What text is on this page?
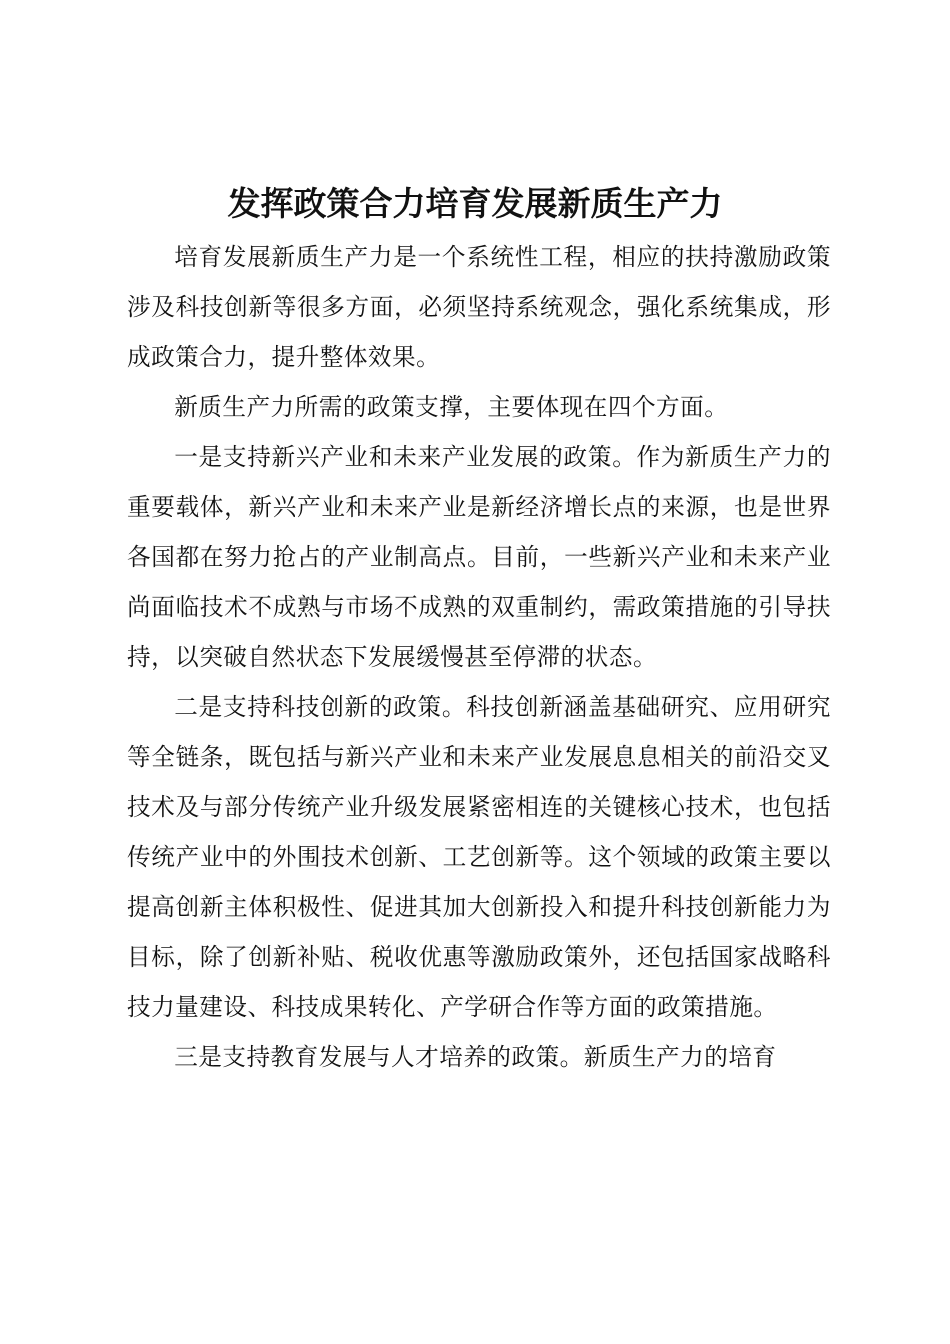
发挥政策合力培育发展新质生产力

培育发展新质生产力是一个系统性工程，相应的扶持激励政策涉及科技创新等很多方面，必须坚持系统观念，强化系统集成，形成政策合力，提升整体效果。

新质生产力所需的政策支撑，主要体现在四个方面。

一是支持新兴产业和未来产业发展的政策。作为新质生产力的重要载体，新兴产业和未来产业是新经济增长点的来源，也是世界各国都在努力抢占的产业制高点。目前，一些新兴产业和未来产业尚面临技术不成熟与市场不成熟的双重制约，需政策措施的引导扶持，以突破自然状态下发展缓慢甚至停滞的状态。

二是支持科技创新的政策。科技创新涵盖基础研究、应用研究等全链条，既包括与新兴产业和未来产业发展息息相关的前沿交叉技术及与部分传统产业升级发展紧密相连的关键核心技术，也包括传统产业中的外围技术创新、工艺创新等。这个领域的政策主要以提高创新主体积极性、促进其加大创新投入和提升科技创新能力为目标，除了创新补贴、税收优惠等激励政策外，还包括国家战略科技力量建设、科技成果转化、产学研合作等方面的政策措施。

三是支持教育发展与人才培养的政策。新质生产力的培育
